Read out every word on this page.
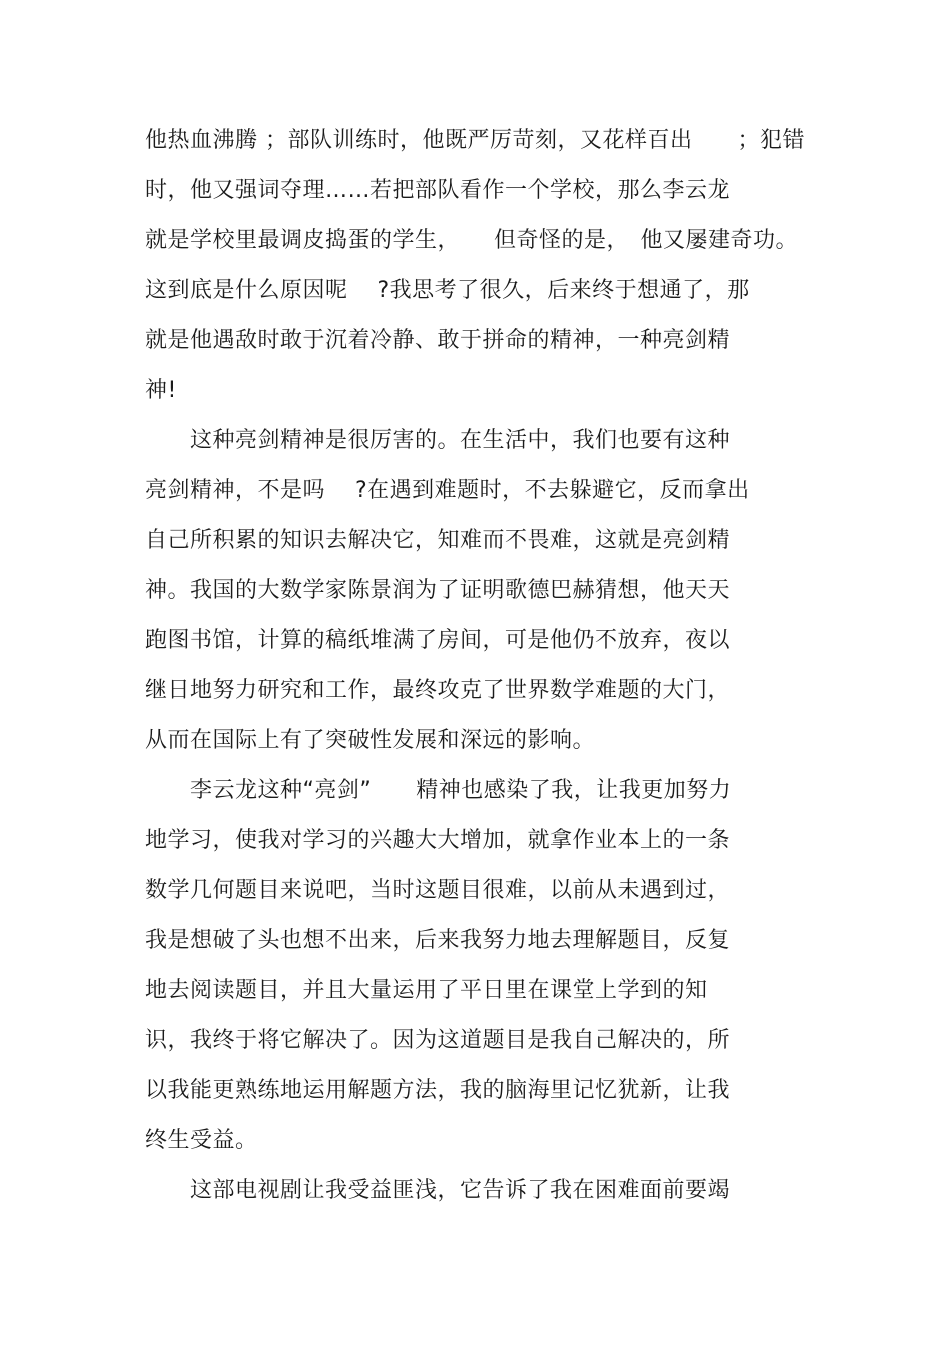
他热血沸腾 ；部队训练时，他既严厉苛刻，又花样百出　　；犯错
时，他又强词夺理……若把部队看作一个学校，那么李云龙
就是学校里最调皮捣蛋的学生，　　但奇怪的是，　他又屡建奇功。
这到底是什么原因呢　 ?我思考了很久，后来终于想通了，那
就是他遇敌时敢于沉着冷静、敢于拼命的精神，一种亮剑精
神!
　　这种亮剑精神是很厉害的。在生活中，我们也要有这种
亮剑精神，不是吗　 ?在遇到难题时，不去躲避它，反而拿出
自己所积累的知识去解决它，知难而不畏难，这就是亮剑精
神。我国的大数学家陈景润为了证明歌德巴赫猜想，他天天
跑图书馆，计算的稿纸堆满了房间，可是他仍不放弃，夜以
继日地努力研究和工作，最终攻克了世界数学难题的大门，
从而在国际上有了突破性发展和深远的影响。
　　李云龙这种“亮剑”　　精神也感染了我，让我更加努力
地学习，使我对学习的兴趣大大增加，就拿作业本上的一条
数学几何题目来说吧，当时这题目很难，以前从未遇到过，
我是想破了头也想不出来，后来我努力地去理解题目，反复
地去阅读题目，并且大量运用了平日里在课堂上学到的知
识，我终于将它解决了。因为这道题目是我自己解决的，所
以我能更熟练地运用解题方法，我的脑海里记忆犹新，让我
终生受益。
　　这部电视剧让我受益匪浅，它告诉了我在困难面前要竭
